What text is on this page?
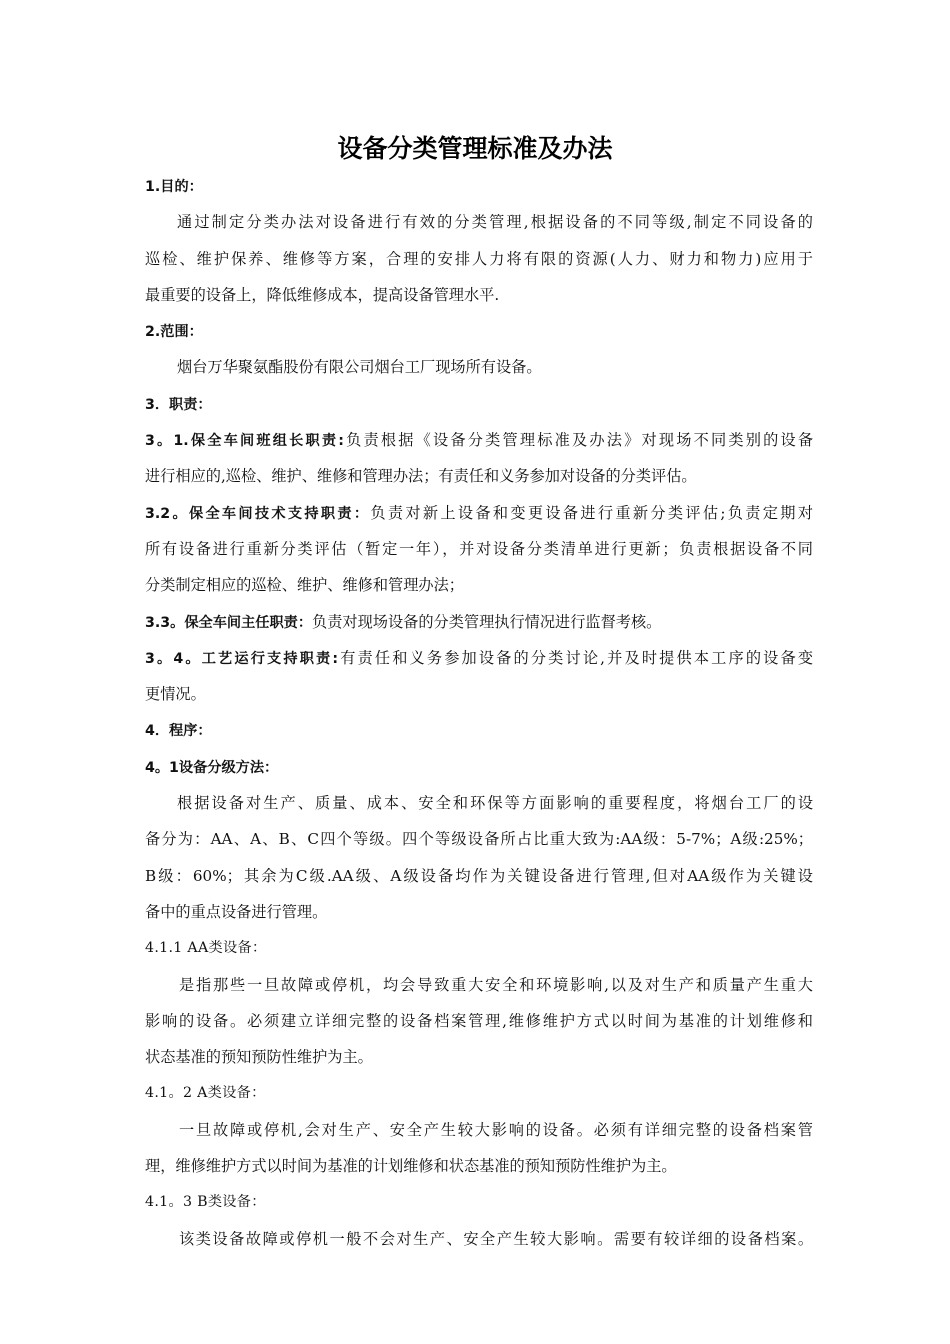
设备分类管理标准及办法
1.目的：
通过制定分类办法对设备进行有效的分类管理,根据设备的不同等级,制定不同设备的
巡检、维护保养、维修等方案，合理的安排人力将有限的资源(人力、财力和物力)应用于
最重要的设备上，降低维修成本，提高设备管理水平.
2.范围：
烟台万华聚氨酯股份有限公司烟台工厂现场所有设备。
3．职责：
3。1.保全车间班组长职责:负责根据《设备分类管理标准及办法》对现场不同类别的设备
进行相应的,巡检、维护、维修和管理办法；有责任和义务参加对设备的分类评估。
3.2。保全车间技术支持职责：负责对新上设备和变更设备进行重新分类评估;负责定期对
所有设备进行重新分类评估（暂定一年），并对设备分类清单进行更新；负责根据设备不同
分类制定相应的巡检、维护、维修和管理办法；
3.3。保全车间主任职责：负责对现场设备的分类管理执行情况进行监督考核。
3。4。工艺运行支持职责:有责任和义务参加设备的分类讨论,并及时提供本工序的设备变
更情况。
4．程序：
4。1设备分级方法：
根据设备对生产、质量、成本、安全和环保等方面影响的重要程度，将烟台工厂的设
备分为：AA、A、B、C四个等级。四个等级设备所占比重大致为:AA级：5-7%；A级:25%；
B级：60%；其余为C级.AA级、A级设备均作为关键设备进行管理,但对AA级作为关键设
备中的重点设备进行管理。
4.1.1 AA类设备：
是指那些一旦故障或停机，均会导致重大安全和环境影响,以及对生产和质量产生重大
影响的设备。必须建立详细完整的设备档案管理,维修维护方式以时间为基准的计划维修和
状态基准的预知预防性维护为主。
4.1。2 A类设备：
一旦故障或停机,会对生产、安全产生较大影响的设备。必须有详细完整的设备档案管
理，维修维护方式以时间为基准的计划维修和状态基准的预知预防性维护为主。
4.1。3 B类设备：
该类设备故障或停机一般不会对生产、安全产生较大影响。需要有较详细的设备档案。
